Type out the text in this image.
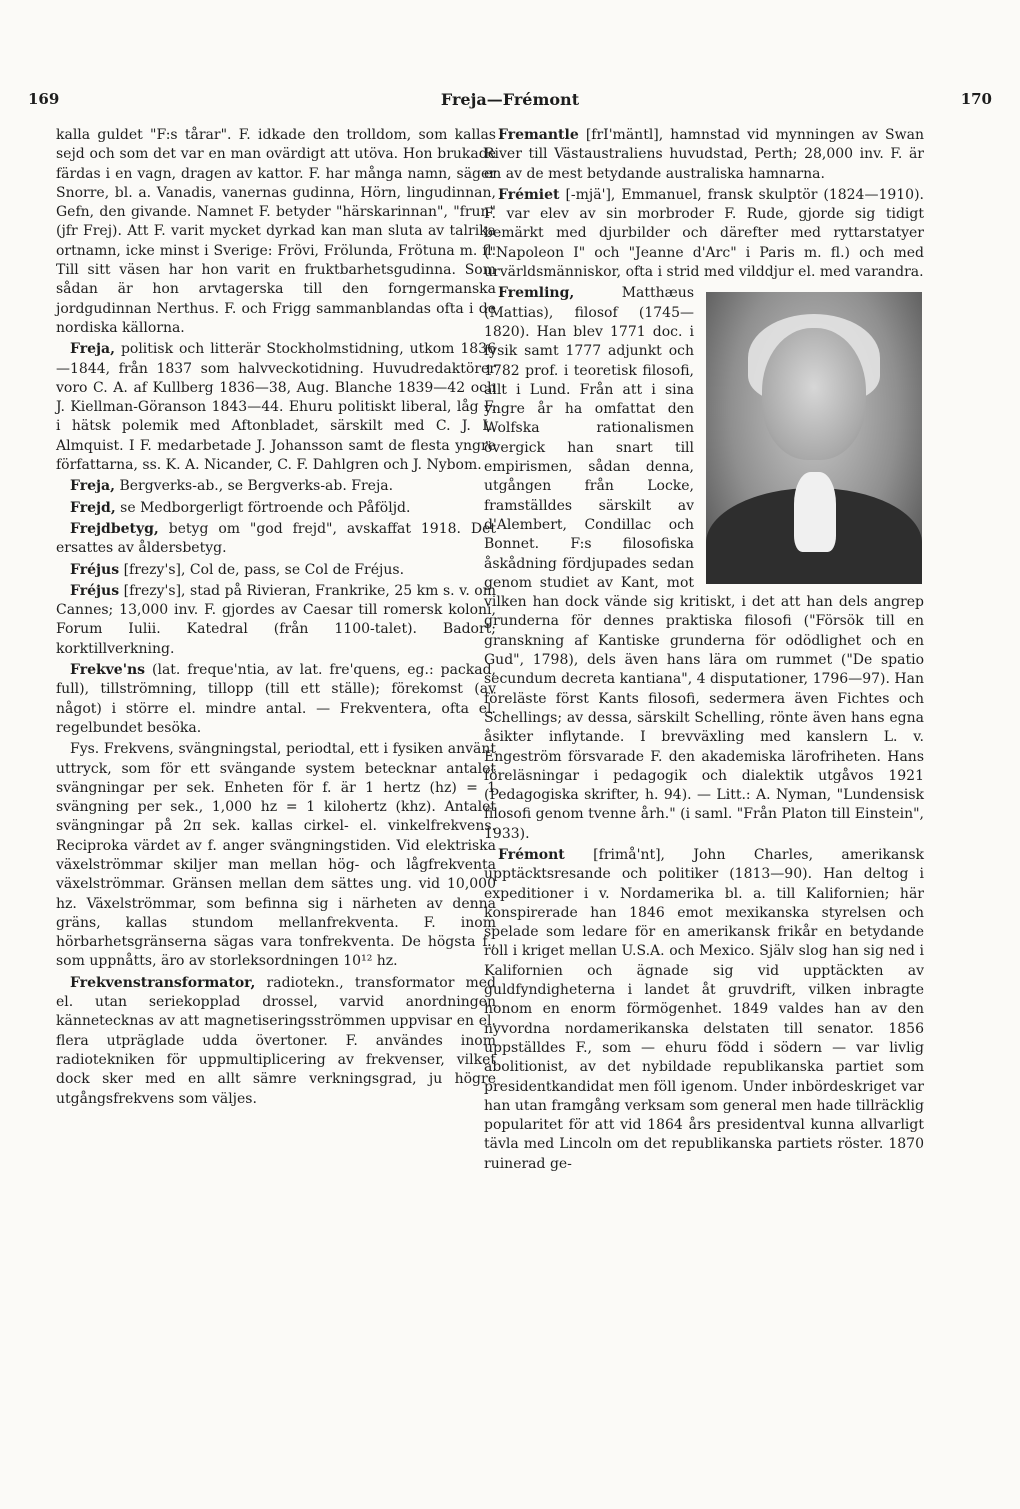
169	Freja—Frémont	170

kalla guldet "F:s tårar". F. idkade den trolldom, som kallas sejd och som det var en man ovärdigt att utöva. Hon brukade färdas i en vagn, dragen av kattor. F. har många namn, säger Snorre, bl. a. Vanadis, vanernas gudinna, Hörn, lingudinnan, Gefn, den givande. Namnet F. betyder "härskarinnan", "frun" (jfr Frej). Att F. varit mycket dyrkad kan man sluta av talrika ortnamn, icke minst i Sverige: Frövi, Frölunda, Frötuna m. fl. Till sitt väsen har hon varit en fruktbarhetsgudinna. Som sådan är hon arvtagerska till den forngermanska jordgudinnan Nerthus. F. och Frigg sammanblandas ofta i de nordiska källorna.

Freja, politisk och litterär Stockholmstidning, utkom 1836—1844, från 1837 som halvveckotidning. Huvudredaktörer voro C. A. af Kullberg 1836—38, Aug. Blanche 1839—42 och J. Kiellman-Göranson 1843—44. Ehuru politiskt liberal, låg F. i hätsk polemik med Aftonbladet, särskilt med C. J. L. Almquist. I F. medarbetade J. Johansson samt de flesta yngre författarna, ss. K. A. Nicander, C. F. Dahlgren och J. Nybom.

Freja, Bergverks-ab., se Bergverks-ab. Freja.

Frejd, se Medborgerligt förtroende och Påföljd.

Frejdbetyg, betyg om "god frejd", avskaffat 1918. Det ersattes av åldersbetyg.

Fréjus [frezy's], Col de, pass, se Col de Fréjus.

Fréjus [frezy's], stad på Rivieran, Frankrike, 25 km s. v. om Cannes; 13,000 inv. F. gjordes av Caesar till romersk koloni, Forum Iulii. Katedral (från 1100-talet). Badort; korktillverkning.

Frekve'ns (lat. freque'ntia, av lat. fre'quens, eg.: packad, full), tillströmning, tillopp (till ett ställe); förekomst (av något) i större el. mindre antal. — Frekventera, ofta el. regelbundet besöka.

Fys. Frekvens, svängningstal, periodtal, ett i fysiken använt uttryck, som för ett svängande system betecknar antalet svängningar per sek. Enheten för f. är 1 hertz (hz) = 1 svängning per sek., 1,000 hz = 1 kilohertz (khz). Antalet svängningar på 2π sek. kallas cirkel- el. vinkelfrekvens. Reciproka värdet av f. anger svängningstiden. Vid elektriska växelströmmar skiljer man mellan hög- och lågfrekventa växelströmmar. Gränsen mellan dem sättes ung. vid 10,000 hz. Växelströmmar, som befinna sig i närheten av denna gräns, kallas stundom mellanfrekventa. F. inom hörbarhetsgränserna sägas vara tonfrekventa. De högsta f., som uppnåtts, äro av storleksordningen 10¹² hz.

Frekvenstransformator, radiotekn., transformator med el. utan seriekopplad drossel, varvid anordningen kännetecknas av att magnetiseringsströmmen uppvisar en el. flera utpräglade udda övertoner. F. användes inom radiotekniken för uppmultiplicering av frekvenser, vilket dock sker med en allt sämre verkningsgrad, ju högre utgångsfrekvens som väljes.

Fremantle [frI'mäntl], hamnstad vid mynningen av Swan River till Västaustraliens huvudstad, Perth; 28,000 inv. F. är en av de mest betydande australiska hamnarna.

Frémiet [-mjä'], Emmanuel, fransk skulptör (1824—1910). F. var elev av sin morbroder F. Rude, gjorde sig tidigt bemärkt med djurbilder och därefter med ryttarstatyer ("Napoleon I" och "Jeanne d'Arc" i Paris m. fl.) och med urvärldsmänniskor, ofta i strid med vilddjur el. med varandra.

Fremling,	Matthæus (Mattias), filosof (1745—1820). Han blev 1771 doc. i fysik samt 1777 adjunkt och 1782 prof. i teoretisk filosofi, allt i Lund. Från att i sina yngre år ha omfattat den Wolfska rationalismen övergick han snart till empirismen, sådan denna, utgången från Locke, framställdes särskilt av d'Alembert, Condillac och Bonnet. F:s filosofiska åskådning fördjupades sedan genom studiet av Kant, mot vilken han dock vände sig kritiskt, i det att han dels angrep grunderna för dennes praktiska filosofi ("Försök till en granskning af Kantiske grunderna för odödlighet och en Gud", 1798), dels även hans lära om rummet ("De spatio secundum decreta kantiana", 4 disputationer, 1796—97). Han föreläste först Kants filosofi, sedermera även Fichtes och Schellings; av dessa, särskilt Schelling, rönte även hans egna åsikter inflytande. I brevväxling med kanslern L. v. Engeström försvarade F. den akademiska lärofriheten. Hans föreläsningar i pedagogik och dialektik utgåvos 1921 (Pedagogiska skrifter, h. 94). — Litt.: A. Nyman, "Lundensisk filosofi genom tvenne årh." (i saml. "Från Platon till Einstein", 1933).

Frémont [frimå'nt], John Charles, amerikansk upptäcktsresande och politiker (1813—90). Han deltog i expeditioner i v. Nordamerika bl. a. till Kalifornien; här konspirerade han 1846 emot mexikanska styrelsen och spelade som ledare för en amerikansk frikår en betydande roll i kriget mellan U.S.A. och Mexico. Själv slog han sig ned i Kalifornien och ägnade sig vid upptäckten av guldfyndigheterna i landet åt gruvdrift, vilken inbragte honom en enorm förmögenhet. 1849 valdes han av den nyvordna nordamerikanska delstaten till senator. 1856 uppställdes F., som — ehuru född i södern — var livlig abolitionist, av det nybildade republikanska partiet som presidentkandidat men föll igenom. Under inbördeskriget var han utan framgång verksam som general men hade tillräcklig popularitet för att vid 1864 års presidentval kunna allvarligt tävla med Lincoln om det republikanska partiets röster. 1870 ruinerad ge-
